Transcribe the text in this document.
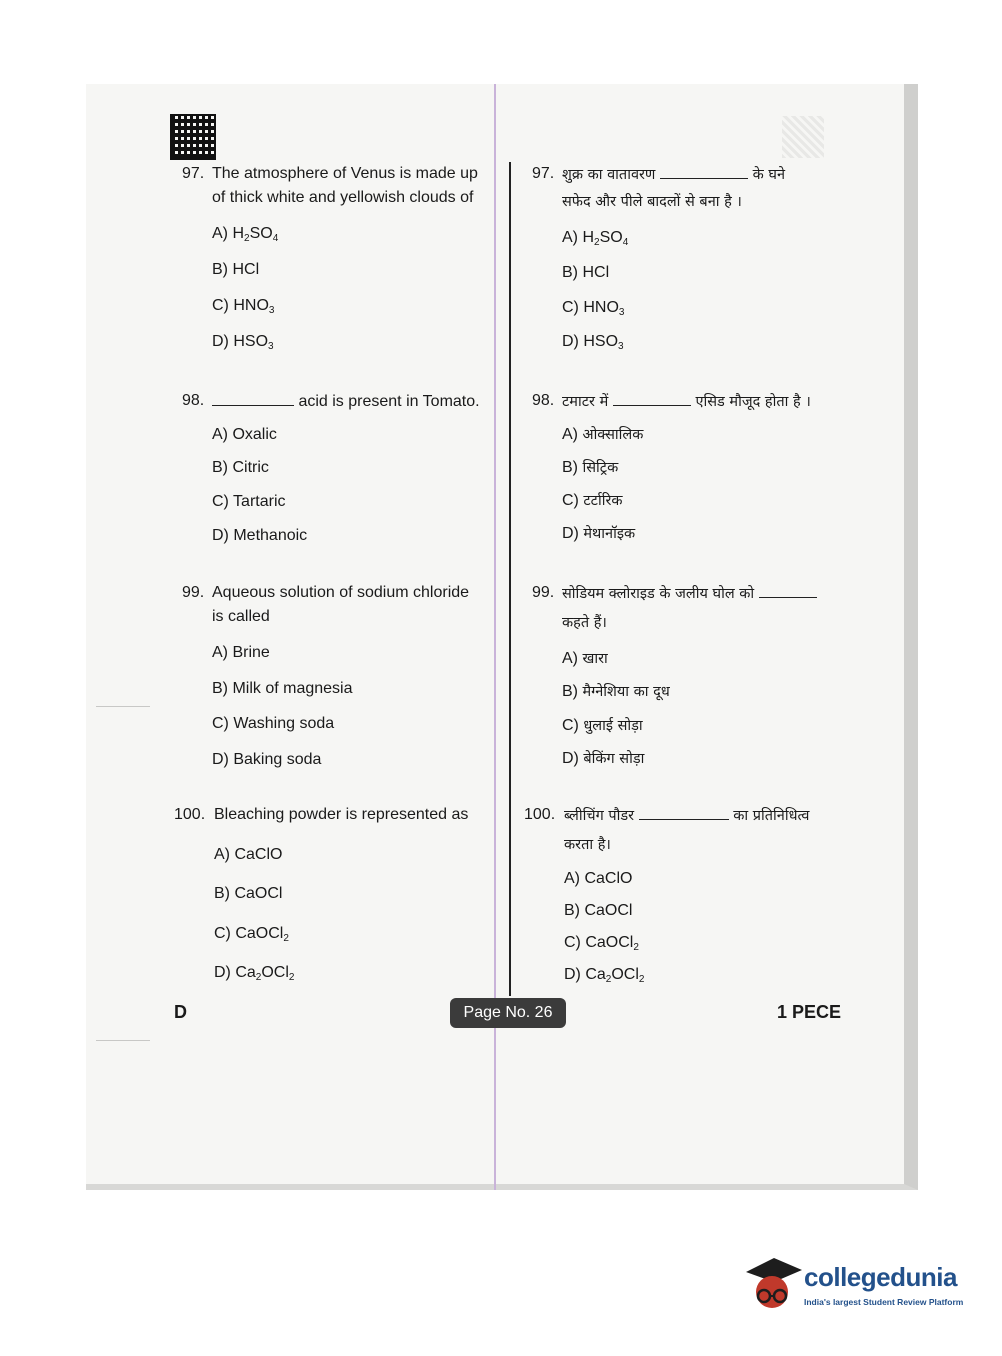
97. The atmosphere of Venus is made up
of thick white and yellowish clouds of
A) $H_2SO_4$
B) HCl
C) $HNO_3$
D) $HSO_3$
98.	acid is present in Tomato.
A) Oxalic
B) Citric
C) Tartaric
D) Methanoic
99. Aqueous solution of sodium chloride
is called
A) Brine
B) Milk of magnesia
C) Washing soda
D) Baking soda
100. Bleaching powder is represented as
A) CaClO
B) CaOCl
C) CaOCl$_2$
D) $Ca_2OCl_2$
97. शुक्र का वातावरण	के घने
सफेद और पीले बादलों से बना है ।
A) $H_2SO_4$
B) HCl
C) $HNO_3$
D) $HSO_3$
98. टमाटर में	एसिड मौजूद होता है ।
A) ओक्सालिक
B) सिट्रिक
C) टर्टारिक
D) मेथानॉइक
99. सोडियम क्लोराइड के जलीय घोल को
कहते हैं।
A) खारा
B) मैग्नेशिया का दूध
C) धुलाई सोड़ा
D) बेकिंग सोड़ा
100. ब्लीचिंग पौडर	का प्रतिनिधित्व
करता है।
A) CaClO
B) CaOCl
C) CaOCl$_2$
D) $Ca_2OCl_2$
D	Page No. 26	1 PECE
collegedunia
India's largest Student Review Platform
